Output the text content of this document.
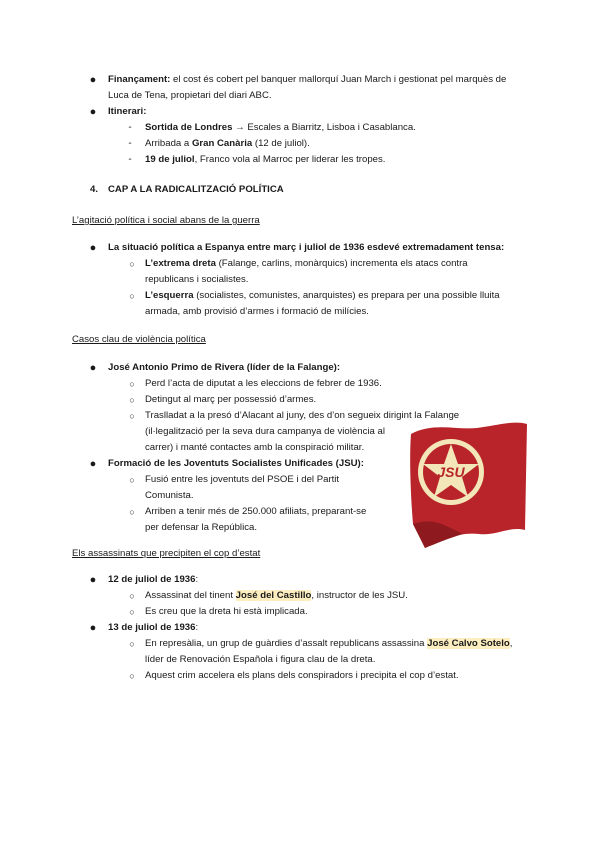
● Finançament: el cost és cobert pel banquer mallorquí Juan March i gestionat pel marquès de
Luca de Tena, propietari del diari ABC.
● Itinerari:
-	Sortida de Londres → Escales a Biarritz, Lisboa i Casablanca.
-	Arribada a Gran Canària (12 de juliol).
-	19 de juliol, Franco vola al Marroc per liderar les tropes.
4. CAP A LA RADICALITZACIÓ POLÍTICA
L’agitació política i social abans de la guerra
● La situació política a Espanya entre març i juliol de 1936 esdevé extremadament tensa:
○	L’extrema dreta (Falange, carlins, monàrquics) incrementa els atacs contra
republicans i socialistes.
○	L’esquerra (socialistes, comunistes, anarquistes) es prepara per una possible lluita
armada, amb provisió d’armes i formació de milícies.
Casos clau de violència política
● José Antonio Primo de Rivera (líder de la Falange):
○	Perd l’acta de diputat a les eleccions de febrer de 1936.
○	Detingut al març per possessió d’armes.
○	Traslladat a la presó d’Alacant al juny, des d’on segueix dirigint la Falange
(il·legalització per la seva dura campanya de violència al
carrer) i manté contactes amb la conspiració militar.
● Formació de les Joventuts Socialistes Unificades (JSU):
○	Fusió entre les joventuts del PSOE i del Partit
Comunista.
○	Arriben a tenir més de 250.000 afiliats, preparant-se
per defensar la República.
JSU
Els assassinats que precipiten el cop d’estat
● 12 de juliol de 1936:
○	Assassinat del tinent José del Castillo, instructor de les JSU.
○	Es creu que la dreta hi està implicada.
● 13 de juliol de 1936:
○	En represàlia, un grup de guàrdies d’assalt republicans assassina José Calvo Sotelo,
líder de Renovación Española i figura clau de la dreta.
○	Aquest crim accelera els plans dels conspiradors i precipita el cop d’estat.
